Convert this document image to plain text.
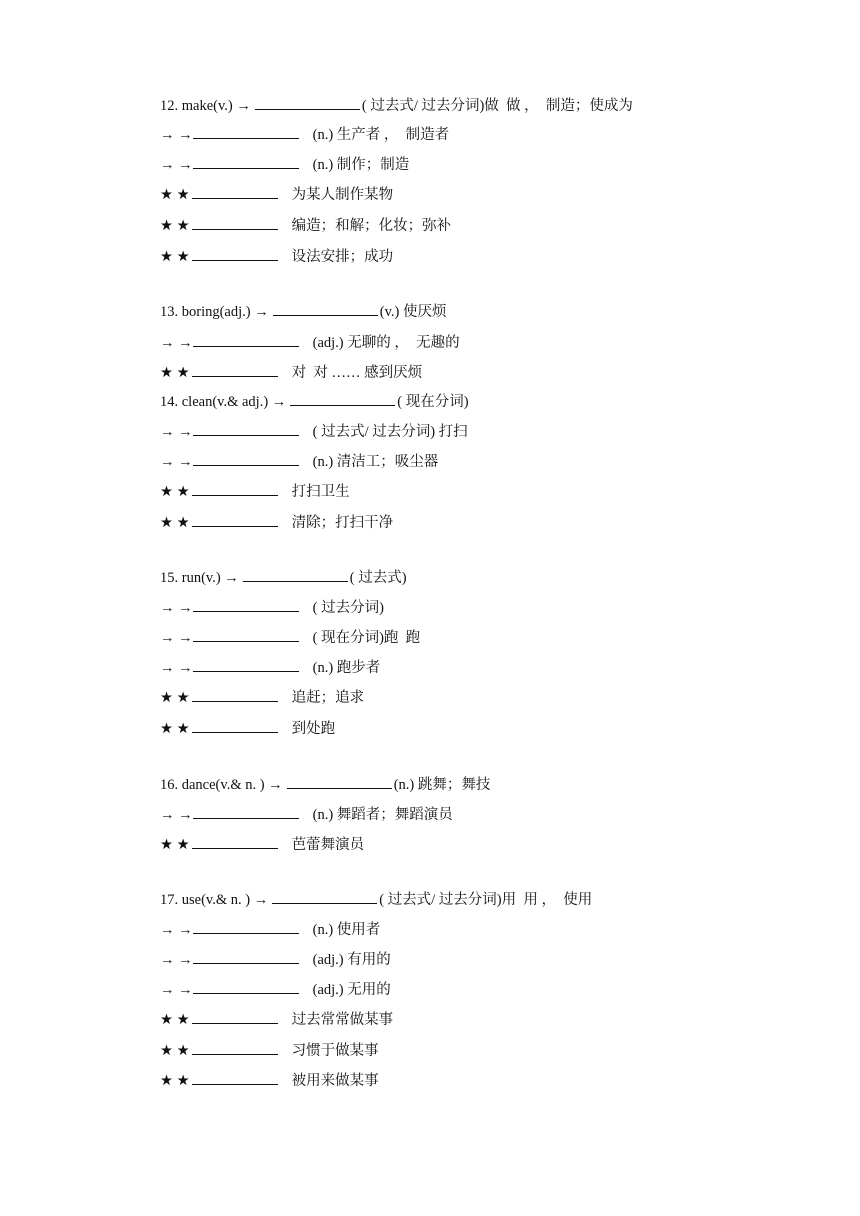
12. make(v.) →	( 过去式/ 过去分词)做  做 ，  制造；使成为
→ →	(n.) 生产者 ，  制造者
→ →	(n.) 制作；制造
★ ★	为某人制作某物
★ ★	编造；和解；化妆；弥补
★ ★	设法安排；成功
13. boring(adj.) →	(v.) 使厌烦
→ →	(adj.) 无聊的 ，  无趣的
★ ★	对  对 …… 感到厌烦
14. clean(v.& adj.) →	( 现在分词)
→ →	( 过去式/ 过去分词) 打扫
→ →	(n.) 清洁工；吸尘器
★ ★	打扫卫生
★ ★	清除；打扫干净
15. run(v.) →	( 过去式)
→ →	( 过去分词)
→ →	( 现在分词)跑  跑
→ →	(n.) 跑步者
★ ★	追赶；追求
★ ★	到处跑
16. dance(v.& n. ) →	(n.) 跳舞；舞技
→ →	(n.) 舞蹈者；舞蹈演员
★ ★	芭蕾舞演员
17. use(v.& n. ) →	( 过去式/ 过去分词)用  用 ，  使用
→ →	(n.) 使用者
→ →	(adj.) 有用的
→ →	(adj.) 无用的
★ ★	过去常常做某事
★ ★	习惯于做某事
★ ★	被用来做某事
